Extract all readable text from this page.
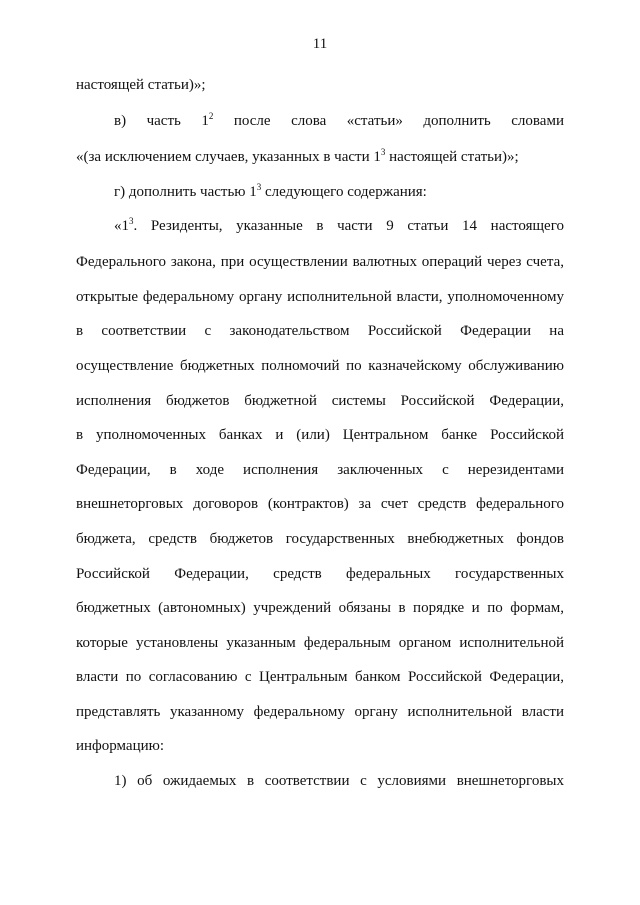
11
настоящей статьи)»;
в) часть $1^2$ после слова «статьи» дополнить словами
«(за исключением случаев, указанных в части $1^3$ настоящей статьи)»;
г) дополнить частью $1^3$ следующего содержания:
«$1^3$. Резиденты, указанные в части 9 статьи 14 настоящего
Федерального закона, при осуществлении валютных операций через счета,
открытые федеральному органу исполнительной власти, уполномоченному
в соответствии с законодательством Российской Федерации на
осуществление бюджетных полномочий по казначейскому обслуживанию
исполнения бюджетов бюджетной системы Российской Федерации,
в уполномоченных банках и (или) Центральном банке Российской
Федерации, в ходе исполнения заключенных с нерезидентами
внешнеторговых договоров (контрактов) за счет средств федерального
бюджета, средств бюджетов государственных внебюджетных фондов
Российской Федерации, средств федеральных государственных
бюджетных (автономных) учреждений обязаны в порядке и по формам,
которые установлены указанным федеральным органом исполнительной
власти по согласованию с Центральным банком Российской Федерации,
представлять указанному федеральному органу исполнительной власти
информацию:
1) об ожидаемых в соответствии с условиями внешнеторговых
